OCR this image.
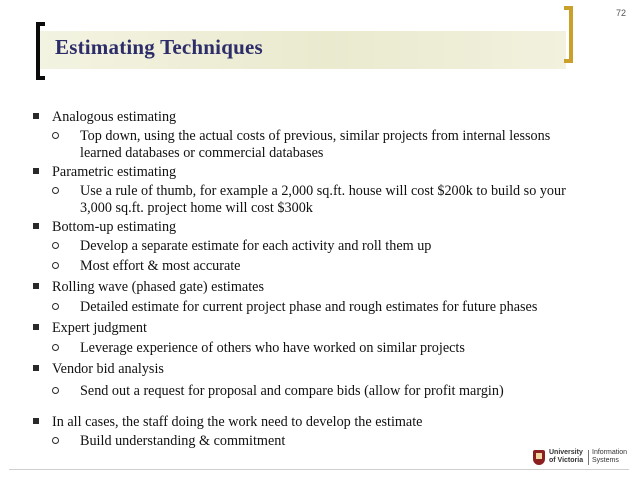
72
Estimating Techniques
Analogous estimating
Top down, using the actual costs of previous, similar projects from internal lessons
learned databases or commercial databases
Parametric estimating
Use a rule of thumb, for example a 2,000 sq.ft. house will cost $200k to build so your
3,000 sq.ft. project home will cost $300k
Bottom-up estimating
Develop a separate estimate for each activity and roll them up
Most effort & most accurate
Rolling wave (phased gate) estimates
Detailed estimate for current project phase and rough estimates for future phases
Expert judgment
Leverage experience of others who have worked on similar projects
Vendor bid analysis
Send out a request for proposal and compare bids (allow for profit margin)
In all cases, the staff doing the work need to develop the estimate
Build understanding & commitment
University
of Victoria
Information
Systems
